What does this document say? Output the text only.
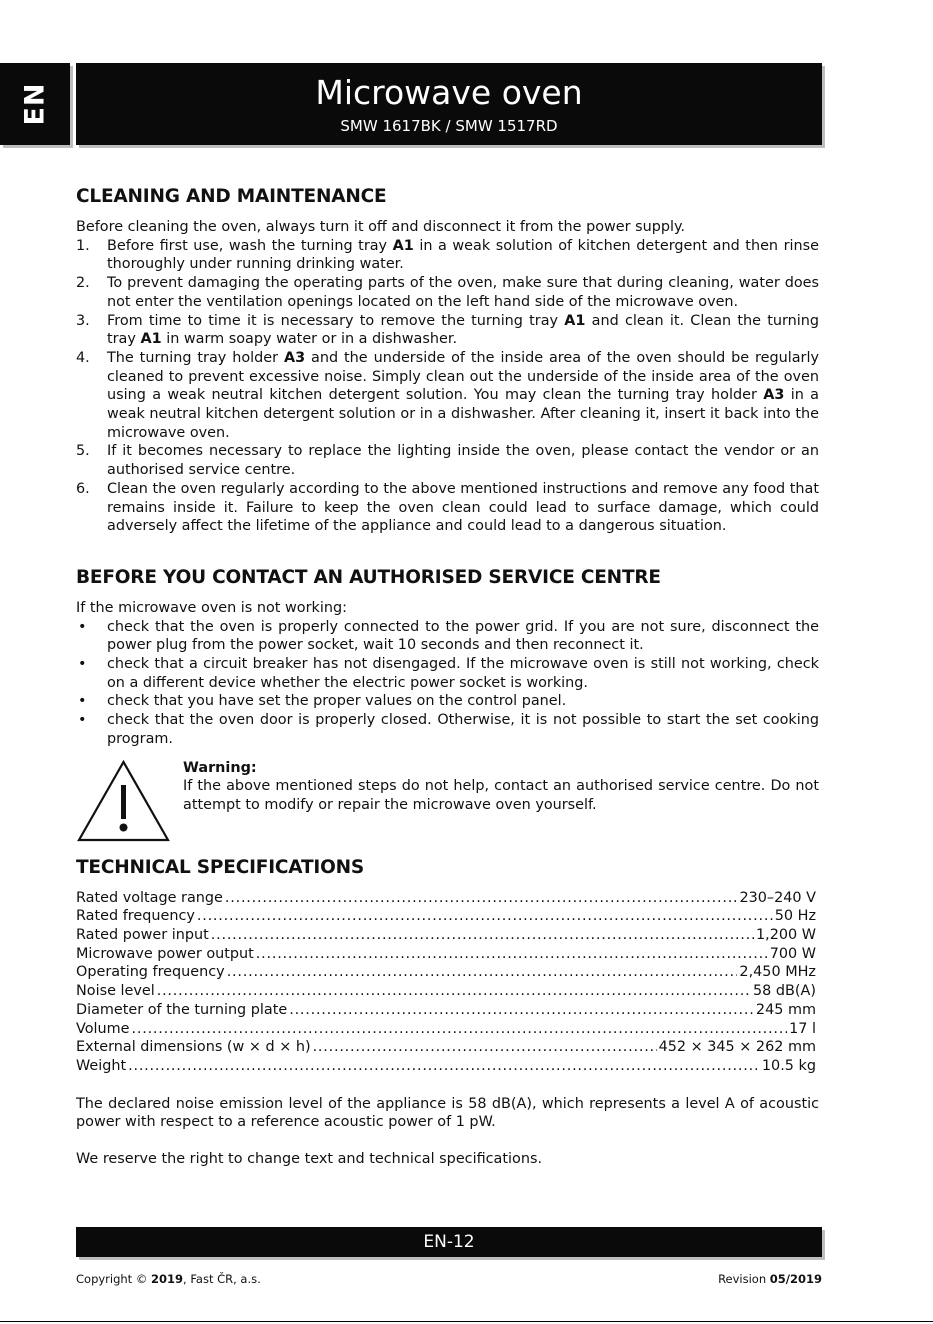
EN	Microwave oven
SMW 1617BK / SMW 1517RD
CLEANING AND MAINTENANCE

Before cleaning the oven, always turn it off and disconnect it from the power supply.

1. Before first use, wash the turning tray A1 in a weak solution of kitchen detergent and then rinse thoroughly under running drinking water.
2. To prevent damaging the operating parts of the oven, make sure that during cleaning, water does not enter the ventilation openings located on the left hand side of the microwave oven.
3. From time to time it is necessary to remove the turning tray A1 and clean it. Clean the turning tray A1 in warm soapy water or in a dishwasher.
4. The turning tray holder A3 and the underside of the inside area of the oven should be regularly cleaned to prevent excessive noise. Simply clean out the underside of the inside area of the oven using a weak neutral kitchen detergent solution. You may clean the turning tray holder A3 in a weak neutral kitchen detergent solution or in a dishwasher. After cleaning it, insert it back into the microwave oven.
5. If it becomes necessary to replace the lighting inside the oven, please contact the vendor or an authorised service centre.
6. Clean the oven regularly according to the above mentioned instructions and remove any food that remains inside it. Failure to keep the oven clean could lead to surface damage, which could adversely affect the lifetime of the appliance and could lead to a dangerous situation.
BEFORE YOU CONTACT AN AUTHORISED SERVICE CENTRE

If the microwave oven is not working:

• check that the oven is properly connected to the power grid. If you are not sure, disconnect the power plug from the power socket, wait 10 seconds and then reconnect it.
• check that a circuit breaker has not disengaged. If the microwave oven is still not working, check on a different device whether the electric power socket is working.
• check that you have set the proper values on the control panel.
• check that the oven door is properly closed. Otherwise, it is not possible to start the set cooking program.
Warning:
If the above mentioned steps do not help, contact an authorised service centre. Do not attempt to modify or repair the microwave oven yourself.
TECHNICAL SPECIFICATIONS
Rated voltage range . . .	230–240 V
Rated frequency . . .	50 Hz
Rated power input . . .	1,200 W
Microwave power output . . .	700 W
Operating frequency . . .	2,450 MHz
Noise level . . .	58 dB(A)
Diameter of the turning plate . . .	245 mm
Volume . . .	17 l
External dimensions (w × d × h) . . .	452 × 345 × 262 mm
Weight . . .	10.5 kg

The declared noise emission level of the appliance is 58 dB(A), which represents a level A of acoustic power with respect to a reference acoustic power of 1 pW.

We reserve the right to change text and technical specifications.

EN-12
Copyright © 2019, Fast ČR, a.s.	Revision 05/2019
